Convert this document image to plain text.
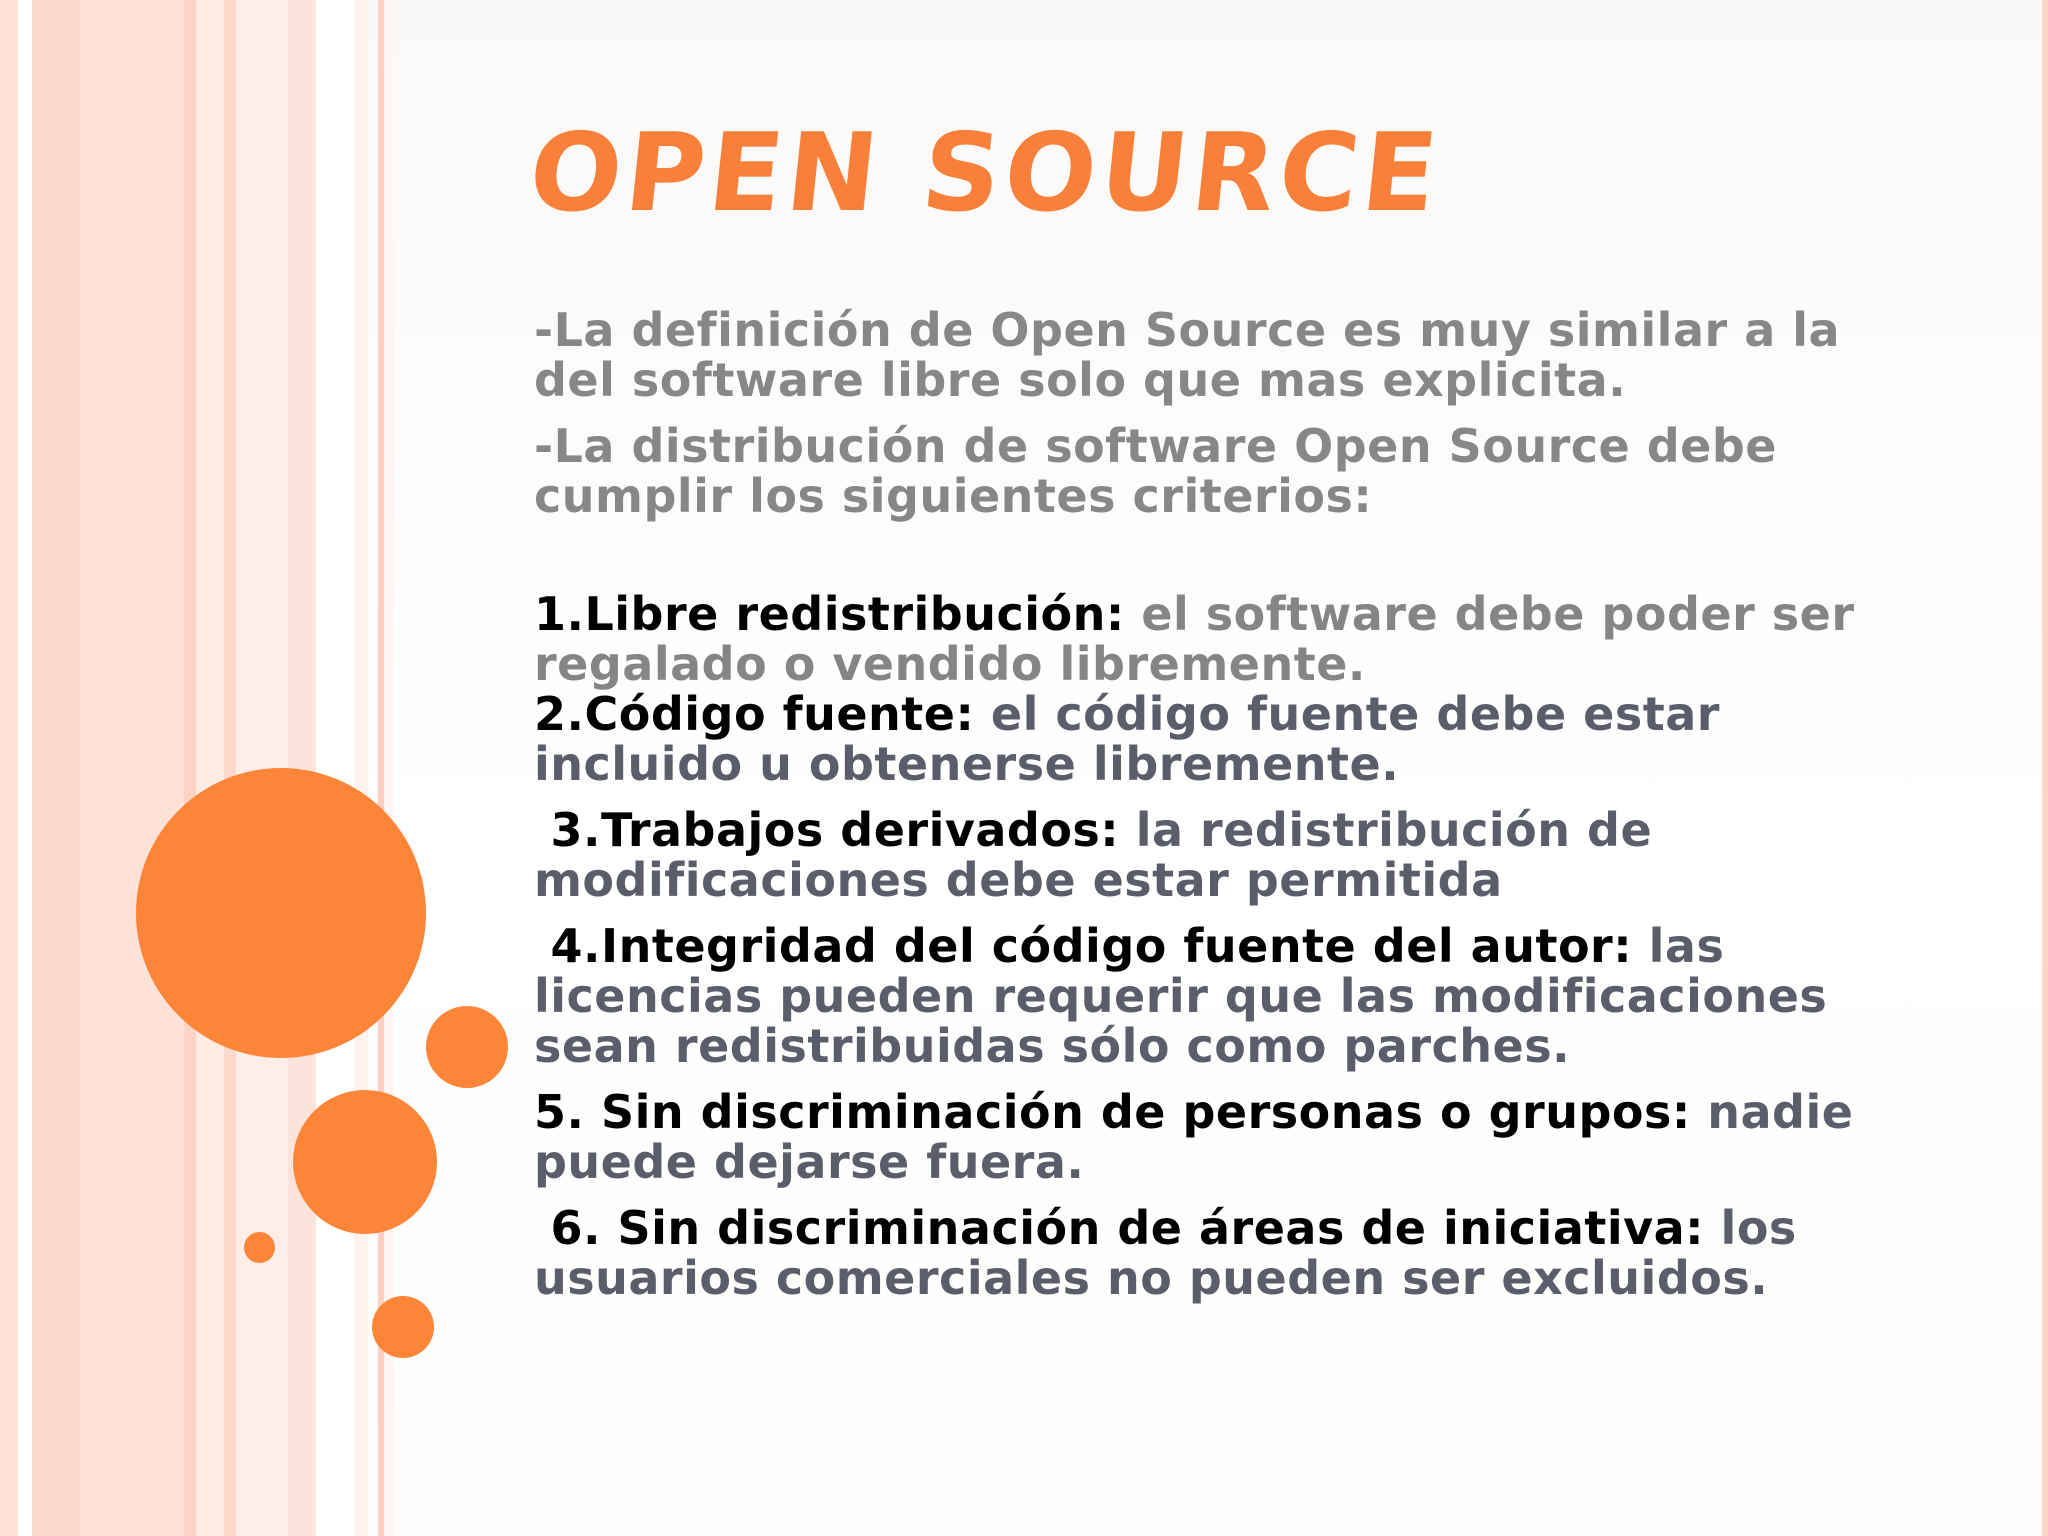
OPEN SOURCE

-La definición de Open Source es muy similar a la del software libre solo que mas explicita.

-La distribución de software Open Source debe cumplir los siguientes criterios:

1.Libre redistribución: el software debe poder ser regalado o vendido libremente.

2.Código fuente: el código fuente debe estar incluido u obtenerse libremente.

3.Trabajos derivados: la redistribución de modificaciones debe estar permitida

4.Integridad del código fuente del autor: las licencias pueden requerir que las modificaciones sean redistribuidas sólo como parches.

5. Sin discriminación de personas o grupos: nadie puede dejarse fuera.

6. Sin discriminación de áreas de iniciativa: los usuarios comerciales no pueden ser excluidos.
